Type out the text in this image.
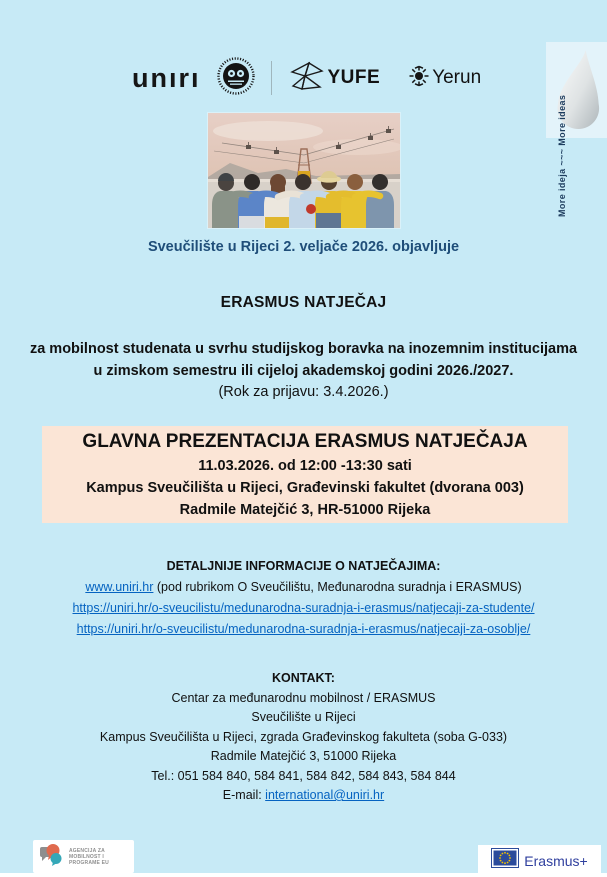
unırı	YUFE	Yerun
More ideja ~~~ More ideas
Sveučilište u Rijeci 2. veljače 2026. objavljuje
ERASMUS NATJEČAJ
za mobilnost studenata u svrhu studijskog boravka na inozemnim institucijama
u zimskom semestru ili cijeloj akademskoj godini 2026./2027.
(Rok za prijavu: 3.4.2026.)
GLAVNA PREZENTACIJA ERASMUS NATJEČAJA
11.03.2026. od 12:00 -13:30 sati
Kampus Sveučilišta u Rijeci, Građevinski fakultet (dvorana 003)
Radmile Matejčić 3, HR-51000 Rijeka
DETALJNIJE INFORMACIJE O NATJEČAJIMA:
www.uniri.hr (pod rubrikom O Sveučilištu, Međunarodna suradnja i ERASMUS)
https://uniri.hr/o-sveucilistu/medunarodna-suradnja-i-erasmus/natjecaji-za-studente/
https://uniri.hr/o-sveucilistu/medunarodna-suradnja-i-erasmus/natjecaji-za-osoblje/
KONTAKT:
Centar za međunarodnu mobilnost / ERASMUS
Sveučilište u Rijeci
Kampus Sveučilišta u Rijeci, zgrada Građevinskog fakulteta (soba G-033)
Radmile Matejčić 3, 51000 Rijeka
Tel.: 051 584 840, 584 841, 584 842, 584 843, 584 844
E-mail: international@uniri.hr
AGENCIJA ZA
MOBILNOST I
PROGRAME EU	Erasmus+
